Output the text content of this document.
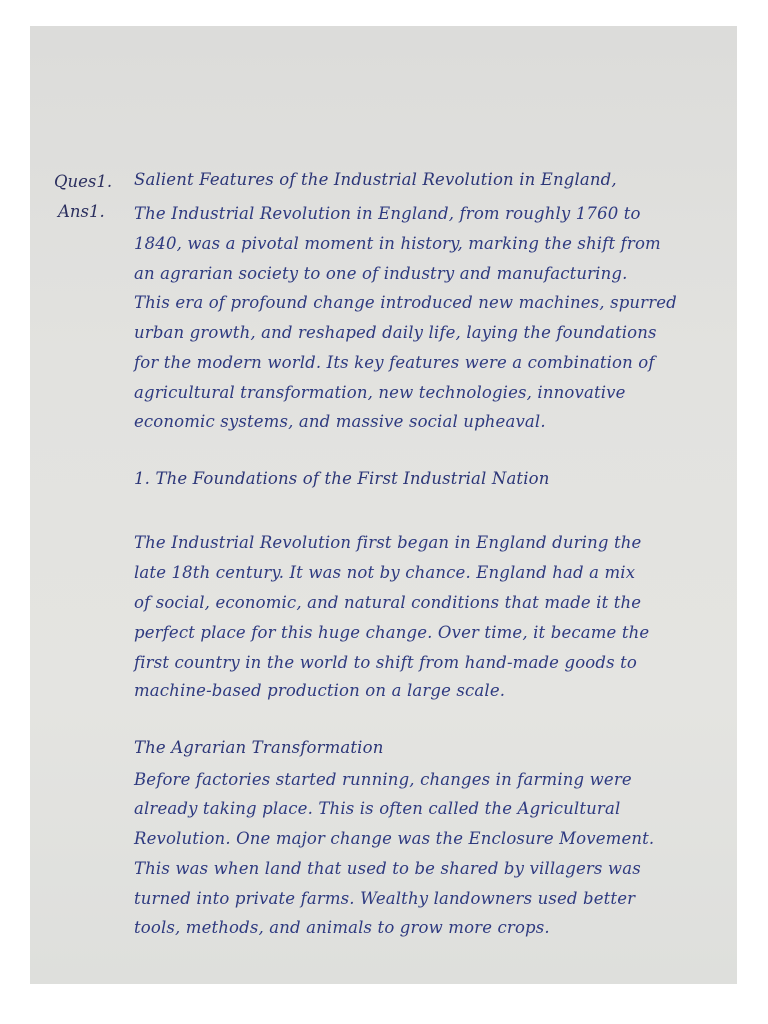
Ques1. Salient Features of the Industrial Revolution in England,

Ans1. The Industrial Revolution in England, from roughly 1760 to

1840, was a pivotal moment in history, marking the shift from

an agrarian society to one of industry and manufacturing.

This era of profound change introduced new machines, spurred

urban growth, and reshaped daily life, laying the foundations

for the modern world. Its key features were a combination of

agricultural transformation, new technologies, innovative

economic systems, and massive social upheaval.

1. The Foundations of the First Industrial Nation

The Industrial Revolution first began in England during the

late 18th century. It was not by chance. England had a mix

of social, economic, and natural conditions that made it the

perfect place for this huge change. Over time, it became the

first country in the world to shift from hand-made goods to

machine-based production on a large scale.

The Agrarian Transformation

Before factories started running, changes in farming were

already taking place. This is often called the Agricultural

Revolution. One major change was the Enclosure Movement.

This was when land that used to be shared by villagers was

turned into private farms. Wealthy landowners used better

tools, methods, and animals to grow more crops.
